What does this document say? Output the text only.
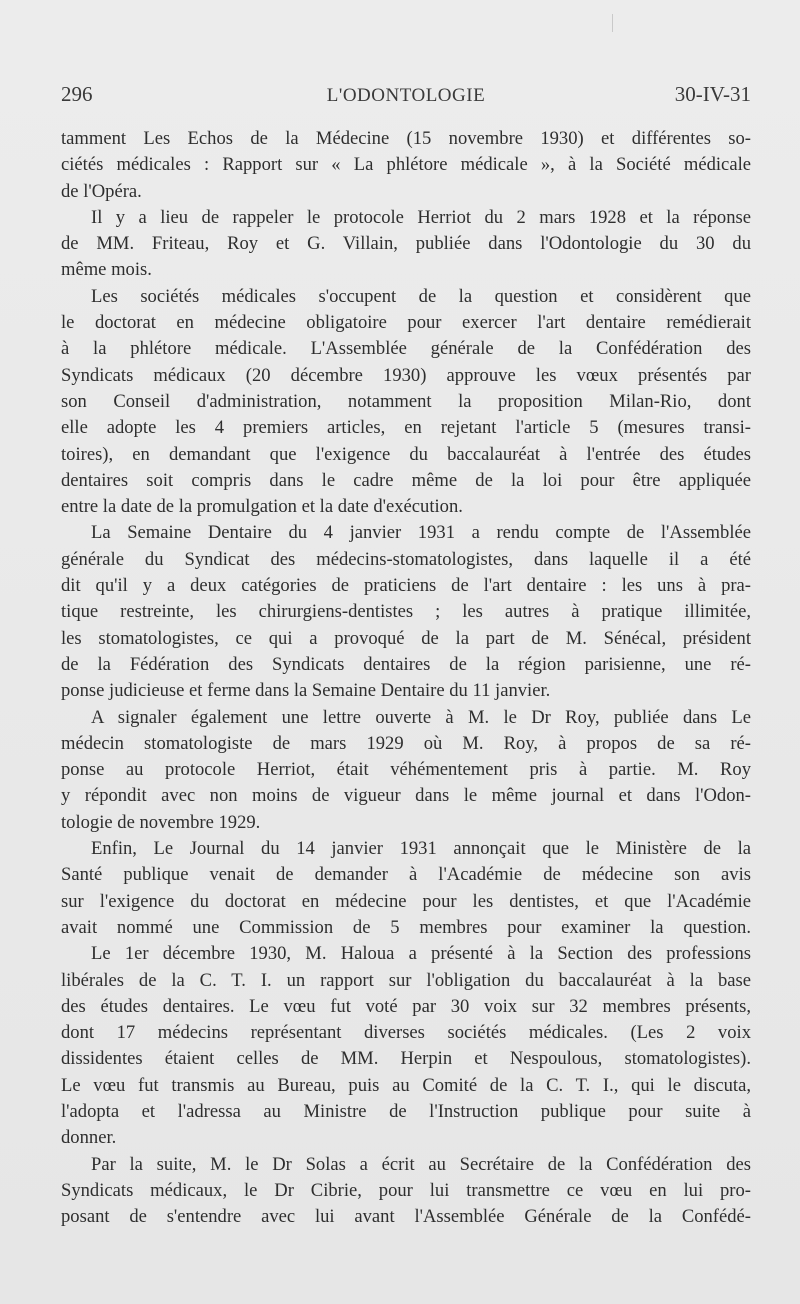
296	L'ODONTOLOGIE	30-IV-31
tamment Les Echos de la Médecine (15 novembre 1930) et différentes so-
ciétés médicales : Rapport sur « La phlétore médicale », à la Société médicale
de l'Opéra.
Il y a lieu de rappeler le protocole Herriot du 2 mars 1928 et la réponse
de MM. Friteau, Roy et G. Villain, publiée dans l'Odontologie du 30 du
même mois.
Les sociétés médicales s'occupent de la question et considèrent que
le doctorat en médecine obligatoire pour exercer l'art dentaire remédierait
à la phlétore médicale. L'Assemblée générale de la Confédération des
Syndicats médicaux (20 décembre 1930) approuve les vœux présentés par
son Conseil d'administration, notamment la proposition Milan-Rio, dont
elle adopte les 4 premiers articles, en rejetant l'article 5 (mesures transi-
toires), en demandant que l'exigence du baccalauréat à l'entrée des études
dentaires soit compris dans le cadre même de la loi pour être appliquée
entre la date de la promulgation et la date d'exécution.
La Semaine Dentaire du 4 janvier 1931 a rendu compte de l'Assemblée
générale du Syndicat des médecins-stomatologistes, dans laquelle il a été
dit qu'il y a deux catégories de praticiens de l'art dentaire : les uns à pra-
tique restreinte, les chirurgiens-dentistes ; les autres à pratique illimitée,
les stomatologistes, ce qui a provoqué de la part de M. Sénécal, président
de la Fédération des Syndicats dentaires de la région parisienne, une ré-
ponse judicieuse et ferme dans la Semaine Dentaire du 11 janvier.
A signaler également une lettre ouverte à M. le Dr Roy, publiée dans Le
médecin stomatologiste de mars 1929 où M. Roy, à propos de sa ré-
ponse au protocole Herriot, était véhémentement pris à partie. M. Roy
y répondit avec non moins de vigueur dans le même journal et dans l'Odon-
tologie de novembre 1929.
Enfin, Le Journal du 14 janvier 1931 annonçait que le Ministère de la
Santé publique venait de demander à l'Académie de médecine son avis
sur l'exigence du doctorat en médecine pour les dentistes, et que l'Académie
avait nommé une Commission de 5 membres pour examiner la question.
Le 1er décembre 1930, M. Haloua a présenté à la Section des professions
libérales de la C. T. I. un rapport sur l'obligation du baccalauréat à la base
des études dentaires. Le vœu fut voté par 30 voix sur 32 membres présents,
dont 17 médecins représentant diverses sociétés médicales. (Les 2 voix
dissidentes étaient celles de MM. Herpin et Nespoulous, stomatologistes).
Le vœu fut transmis au Bureau, puis au Comité de la C. T. I., qui le discuta,
l'adopta et l'adressa au Ministre de l'Instruction publique pour suite à
donner.
Par la suite, M. le Dr Solas a écrit au Secrétaire de la Confédération des
Syndicats médicaux, le Dr Cibrie, pour lui transmettre ce vœu en lui pro-
posant de s'entendre avec lui avant l'Assemblée Générale de la Confédé-
